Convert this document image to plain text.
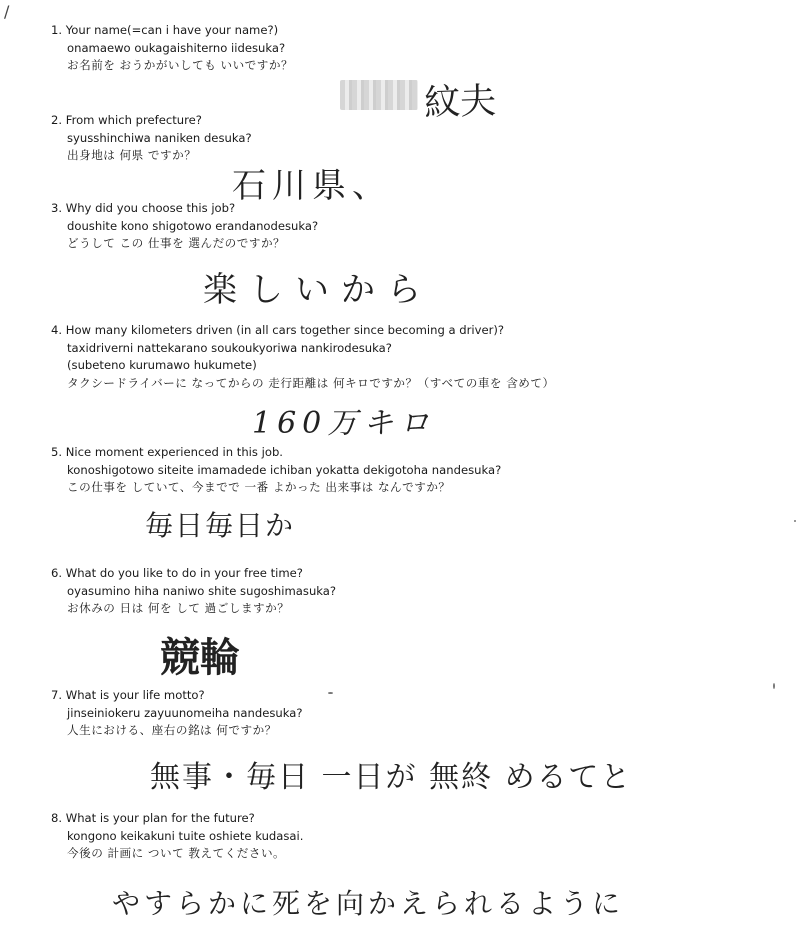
/
1. Your name(=can i have your name?)
onamaewo oukagaishiterno iidesuka?
お名前を おうかがいしても いいですか？
紋夫
2. From which prefecture?
syusshinchiwa naniken desuka?
出身地は 何県 ですか？
石川県、
3. Why did you choose this job?
doushite kono shigotowo erandanodesuka?
どうして この 仕事を 選んだのですか？
楽しいから
4. How many kilometers driven (in all cars together since becoming a driver)?
taxidriverni nattekarano soukoukyoriwa nankirodesuka?
(subeteno kurumawo hukumete)
タクシードライバーに なってからの 走行距離は 何キロですか？（すべての車を 含めて）
160万キロ
5. Nice moment experienced in this job.
konoshigotowo siteite imamadede ichiban yokatta dekigotoha nandesuka?
この仕事を していて、今までで 一番 よかった 出来事は なんですか？
毎日毎日か
6. What do you like to do in your free time?
oyasumino hiha naniwo shite sugoshimasuka?
お休みの 日は 何を して 過ごしますか？
競輪
7. What is your life motto?
jinseiniokeru zayuunomeiha nandesuka?
人生における、座右の銘は 何ですか？
無事・毎日 一日が 無終 めるてと
8. What is your plan for the future?
kongono keikakuni tuite oshiete kudasai.
今後の 計画に ついて 教えてください。
やすらかに死を向かえられるように
